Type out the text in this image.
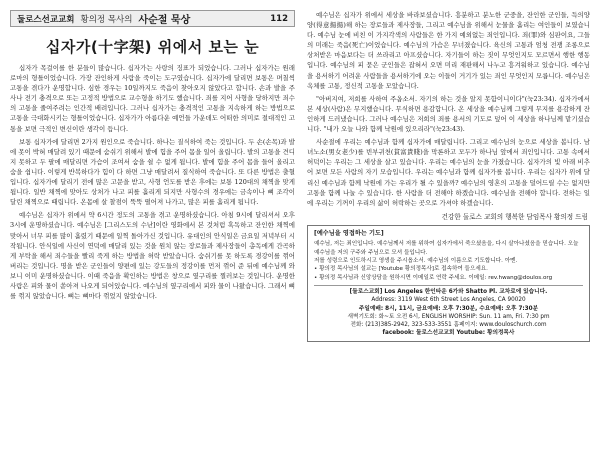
둘로스선교교회 황의정 목사의 사순절 묵상	112
십자가(十字架) 위에서 보는 눈

십자가 목걸이를 한 분들이 많습니다. 십자가는 사랑의 징표가 되었습니다. 그러나 십자가는 원래 로마의 형틀이었습니다. 가장 잔인하게 사람을 죽이는 도구였습니다. 십자가에 달리면 보통은 며칠씩 고통을 겪다가 운명합니다. 심한 경우는 10일까지도 죽음이 찾아오지 않았다고 합니다. 손과 발을 주사나 전기 충격으로 또는 고정적 방법으로 교수형을 하기도 했습니다. 죄를 지어 사형을 당하지만 죄수의 고통을 줄여주려는 인간적 배려입니다. 그러나 십자가는 충격적인 고통을 지속하게 하는 방법으로 고통을 극대화시키는 형틀이었습니다. 십자가가 아름다운 예언들 가운데도 어떠한 의미로 절대적인 고통을 보면 극적인 변신이란 생각이 듭니다.

보통 십자가에 달리면 2가지 원인으로 죽습니다. 하나는 질식하여 죽는 것입니다. 두 손(손목)과 발에 못이 박혀 매달려 있기 때문에 숨쉬기 위해서 발에 힘을 주어 몸을 일어 올립니다. 발의 고통을 견디지 못하고 두 팔에 매달리면 가슴이 조여서 숨을 쉴 수 없게 됩니다. 발에 힘을 주어 몸을 들어 올리고 숨을 쉽니다. 이렇게 반복하다가 힘이 다 하면 그냥 매달려서 질식하여 죽습니다. 또 다른 방법은 출혈입니다. 십자가에 달리기 전에 많은 고문을 받고, 사형 언도를 받은 후에는 보통 120대의 채찍을 맞게 됩니다. 일반 채찍에 맞아도 상처가 나고 피를 흘리게 되지만 사형수의 경우에는 금속이나 뼈 조각이 달린 채찍으로 때립니다. 온몸에 살 찰점이 뚝뚝 떨어져 나가고, 많은 피를 흘리게 됩니다.

예수님은 십자가 위에서 약 6시간 정도의 고통을 겪고 운명하셨습니다. 아침 9시에 달리셔서 오후 3시에 운명하셨습니다. 예수님은 [그리스도의 수난]이란 영화에서 본 것처럼 혹독하고 잔인한 채찍에 맞아서 너무 피를 많이 흘렸기 때문에 일찍 돌아가신 것입니다. 유대인의 안식일은 금요일 저녁부터 시작됩니다. 안식일에 사신이 연덕에 매달리 있는 것을 원치 않는 장로들과 제사장들이 총독에게 간곡하게 부탁을 해서 죄수들을 빨리 죽게 하는 방법을 허락 받았습니다. 숨쉬기를 못 하도록 경강이를 꺾어 버리는 것입니다. 명을 받은 군인들이 양편에 있는 강도들의 정강이를 먼저 꺾어 준 뒤에 예수님께 와보니 이미 운명하셨습니다. 이때 죽음을 확인하는 방법은 창으로 옆구리를 찔러보는 것입니다. 운명한 사람은 피와 물이 쏟아져 나오게 되어있습니다. 예수님의 옆구리에서 피와 물이 나왔습니다. 그래서 뼈를 꺾지 않았습니다. 뼈는 뼈마다 꺾었지 않았습니다.

예수님은 십자가 위에서 세상을 바라보셨습니다. 흥분하고 분노한 군중을, 잔인한 군인들, 득의양양(得意揚揚)해 하는 장로들과 제사장들, 그리고 예수님을 위해서 눈물을 흘리는 여인들이 보였습니다. 예수님 눈에 비친 이 가지각색의 사람들은 한 가지 예외없는 죄인입니다. 죄(罪)와 심판이요, 그들의 미래는 죽음(死亡)이었습니다. 예수님의 가슴은 무너졌습니다. 육신의 고통과 엄청 전쟁 조롱으로 상처받은 마음보다는 더 쓰라리고 아프셨습니다. 자기들이 하는 짓이 무엇인지도 모르면서 행한 행동입니다. 예수님의 피 묻은 군인들은 잡혀서 오면 미리 재판해서 나누고 흥겨워하고 있습니다. 예수님을 용서하기 어려운 사람들을 용서하기에 오는 이들이 거기가 있는 죄인 무엇인지 모릅니다. 예수님은 옥체를 고통, 정신적 고통을 모았습니다.

"아버지여, 저희를 사하여 주옵소서. 자기의 하는 것을 알지 못함이니이다"(눅23:34). 십자가에서 본 세상(사람)은 무지했습니다. 무식하면 용감합니다. 온 세상을 예수님께 그렇게 무지를 용감하게 잔인하게 드러냈습니다. 그러나 예수님은 저희의 죄를 용서의 기도로 덮어 이 세상을 하나님께 맡기셨습니다. "내가 오늘 나와 함께 낙원에 있으리라"(눅23:43).

사순절에 우리는 예수님과 함께 십자가에 매달립니다. 그리고 예수님의 눈으로 세상을 봅니다. 남녀노소(男女老少)를 빈부귀천(貧富貴賤)을 막론하고 모두가 하나님 앞에서 죄인입니다. 고통 속에서 허덕이는 우리는 그 세상을 살고 있습니다. 우리는 예수님의 눈을 가졌습니다. 십자가의 빛 아래 비추어 보면 모든 사람의 자기 모습입니다. 우리는 예수님과 함께 십자가를 봅니다. 우리는 십자가 위에 달리신 예수님과 함께 낙원에 가는 우리가 될 수 있을까? 예수님의 영혼의 고통을 덜어드릴 수는 없지만 고통을 함께 나눌 수 있습니다. 한 사람을 더 전해야 하겠습니다. 예수님을 전해야 합니다. 전하는 일에 우리는 기꺼이 우리의 삶이 허락하는 곳으로 가셔야 하겠습니다.

건강한 둘로스 교회의 행복한 담임목사 황의정 드림
[예수님을 영접하는 기도]

예수님, 저는 죄인입니다. 예수님께서 저를 위하여 십자가에서 죽으셨음을, 다시 살아나셨음을 믿습니다. 오늘 예수님을 저의 구주와 주님으로 모셔 들입니다.

저를 성령으로 인도하시고 영생을 주시옵소서. 예수님의 이름으로 기도합니다. 아멘.

• 황의정 목사님의 설교는 [Youtube 황의정목사]로 접속하여 들으세요.

• 황의정 목사님과 신앙상담을 원하시면 이메일로 연락 주세요. 이메일: rev.hwang@doulos.org

[둘로스교회] Los Angeles 한인타운 6가와 Shatto Pl. 교차로에 있습니다.
Address: 3119 West 6th Street Los Angeles, CA 90020
주일예배: 8시, 11시, 금요예배: 오후 7:30분, 수요예배: 오후 7:30분
새벽기도회: 화~토 오전 6시, ENGLISH WORSHIP: Sun. 11 am, Fri. 7:30 pm
전화: (213)385-2942, 323-533-3551 홈페이지: www.douloschurch.com
facebook: 둘로스선교교회 Youtube: 황의정목사
